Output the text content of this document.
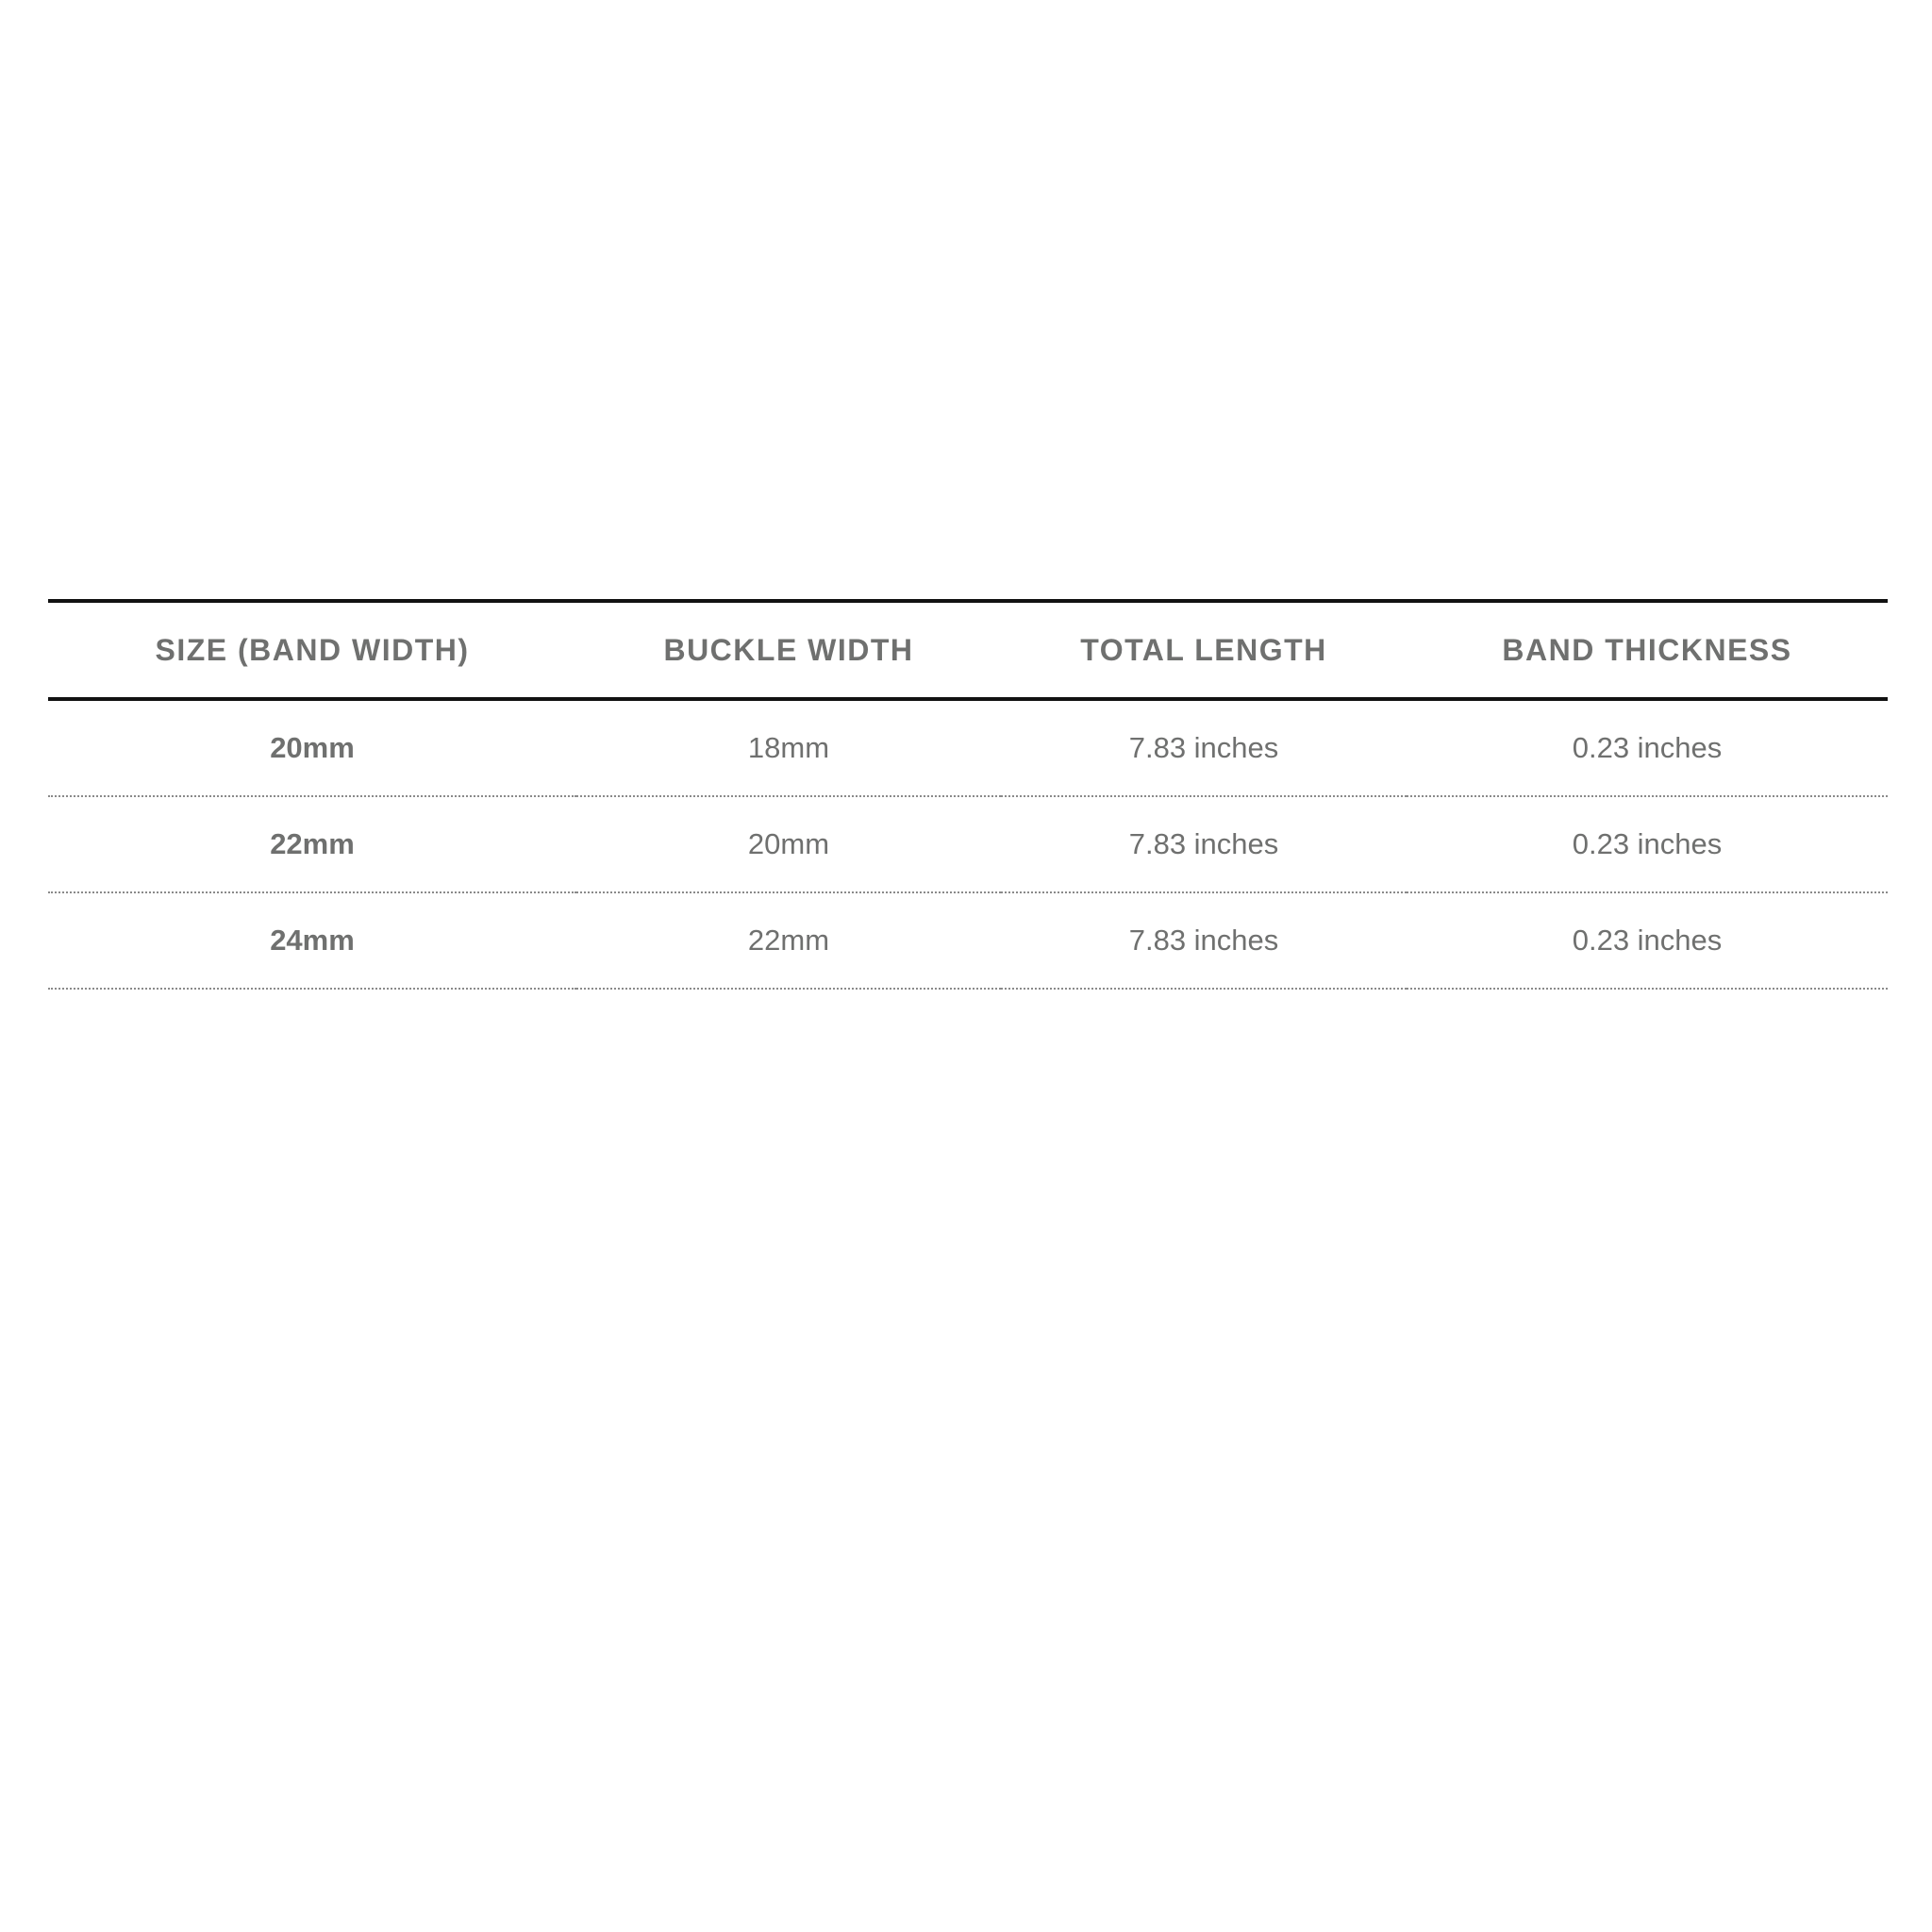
SIZE (BAND WIDTH)	BUCKLE WIDTH	TOTAL LENGTH	BAND THICKNESS
20mm	18mm	7.83 inches	0.23 inches
22mm	20mm	7.83 inches	0.23 inches
24mm	22mm	7.83 inches	0.23 inches
